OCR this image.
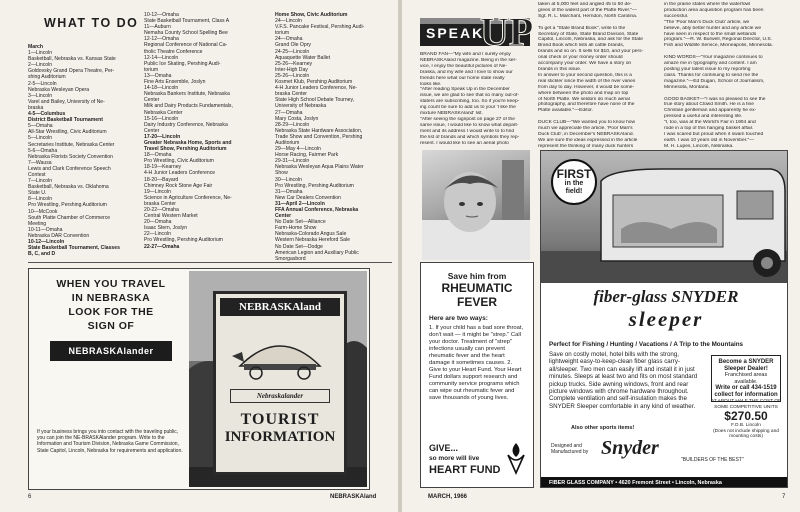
WHAT TO DO
March
1—Lincoln
Basketball, Nebraska vs. Kansas State
2—Lincoln
Goldovsky Grand Opera Theatre, Per-
shing Auditorium
2-5—Lincoln
Nebraska Wesleyan Opera
3—Lincoln
Varel and Bailey, University of Ne-
braska
4-5—Columbus
District Basketball Tournament
5—Omaha
All-Star Wrestling, Civic Auditorium
5—Lincoln
Secretaries Institute, Nebraska Center
5-6—Omaha
Nebraska Florists Society Convention
7—Wausa
Lewis and Clark Conference Speech
Contest
7—Lincoln
Basketball, Nebraska vs. Oklahoma
State U.
8—Lincoln
Pro Wrestling, Pershing Auditorium
10—McCook
South Platte Chamber of Commerce
Meeting
10-11—Omaha
Nebraska DAR Convention
10-12—Lincoln
State Basketball Tournament, Classes
B, C, and D
10-12—Omaha
State Basketball Tournament, Class A
11—Auburn
Nemaha County School Spelling Bee
12-12—Omaha
Regional Conference of National Ca-
tholic Theatre Conference
12-14—Lincoln
Public Ice Skating, Pershing Audi-
torium
13—Omaha
Fine Arts Ensemble, Joslyn
14-18—Lincoln
Nebraska Bankers Institute, Nebraska
Center
Milk and Dairy Products Fundamentals,
Nebraska Center
15-16—Lincoln
Dairy Industry Conference, Nebraska
Center
17-20—Lincoln
Greater Nebraska Home, Sports and
Travel Show, Pershing Auditorium
18—Omaha
Pro Wrestling, Civic Auditorium
18-19—Kearney
4-H Junior Leaders Conference
18-20—Bayard
Chimney Rock Stone Age Fair
19—Lincoln
Science in Agriculture Conference, Ne-
braska Center
20-22—Omaha
Central Western Market
20—Omaha
Isaac Stern, Joslyn
22—Lincoln
Pro Wrestling, Pershing Auditorium
22-27—Omaha
Home Show, Civic Auditorium
24—Lincoln
V.F.S. Pancake Festival, Pershing Audi-
torium
24—Omaha
Grand Ole Opry
24-25—Lincoln
Aquaquette Water Ballet
25-26—Kearney
Inter-High Day
25-26—Lincoln
Kosmet Klub, Pershing Auditorium
4-H Junior Leaders Conference, Ne-
braska Center
State High School Debate Tourney,
University of Nebraska
27—Omaha
Mary Costa, Joslyn
28-29—Lincoln
Nebraska State Hardware Association,
Trade Show and Convention, Pershing
Auditorium
29—May 4—Lincoln
Horse Racing, Fairmer Park
29-31—Lincoln
Nebraska Wesleyan Aqua Plains Water
Show
30—Lincoln
Pro Wrestling, Pershing Auditorium
31—Omaha
New Car Dealers Convention
31—April 2—Lincoln
FFA Annual Conference, Nebraska
Center
No Date Set—Alliance
Farm-Home Show
Nebraska-Colorado Angus Sale
Western Nebraska Hereford Sale
No Date Set—Dodge
American Legion and Auxiliary Public
Smorgasbord
WHEN YOU TRAVEL
IN NEBRASKA
LOOK FOR THE
SIGN OF
NEBRASKAlander
If your business brings you into contact with the traveling public, you can join the NE-BRASKAlander program. Write to the Information and Tourism Division, Nebraska Game Commission, State Capitol, Lincoln, Nebraska for requirements and application.
NEBRASKAland
Nebraskalander
TOURIST
INFORMATION
6	NEBRASKAland
SPEAK
UP
BRAND FAN—"My wife and I surely enjoy
NEBRASKAland magazine. Being in the ser-
vice, I enjoy the beautiful pictures of Ne-
braska, and my wife and I love to show our
friends here what our home state really
looks like.
"After reading Speak Up in the December
issue, we are glad to see that so many out-of-
staters are subscribing, too. So if you're keep-
ing count be sure to add us to your 'I like the
mixture NEBRASKAland' list.
"After seeing the signpost on page 27 of the
same issue, I would like to know what depart-
ment and its address I would write to to find
the list of brands and which symbols they rep-
resent. I would like to see an aerial photo
taken at 5,000 feet and angled 45 to 50 de-
grees of the widest part of the Platte River."—
Sgt. R. L. Marchant, Herndon, North Carolina.

To get a "State Brand Book", write to the
Secretary of State, State Brand Division, State
Capitol, Lincoln, Nebraska, and ask for the State
Brand Book which lists all cattle brands,
brands and so on. It sells for $10, and your pers-
onal check or your money order should
accompany your order. We have a story on
brands in this issue.
In answer to your second question, this is a
real stickler since the width of the river varies
from day to day. However, it would be some-
where between the photo and map on top
of North Platte. We seldom do much aerial
photography, and therefore have none of the
Platte available."—Editor.

DUCK CLUB—"We wanted you to know how
much we appreciate the article, 'Poor Man's
Duck Club', in December's NEBRASKAland.
We are sure the ideas expressed in the article
represent the thinking of many duck hunters
in the prairie states where the waterfowl
production area acquisition program has been
successful.
"The 'Poor Man's Duck Club' article, we
believe, ably better hunter and any article we
have seen in respect to the small wetlands
program."—R. W. Burwell, Regional Director, U.S.
Fish and Wildlife Service, Minneapolis, Minnesota.

KIND WORDS—"Your magazine continues to
amaze me in typography and content. I am
posting your latest issue to my reporting
class. Thanks for continuing to send me the
magazine."—Ed Dugan, School of Journalism,
Minnesota, Montana.

GOOD BASKET—"I was so pleased to see the
true story about Clowd Smith. He is a fine
Christian gentleman and apparently he ex-
pressed a useful and interesting life.
"I, too, was at the World's Fair in 1904 and
rode in a top of this hanging basket affair.
I was scared but proud when it swam touched
earth. I was 10 years old in November."—
M. H. Lupes, Lincoln, Nebraska.
Save him from
RHEUMATIC
FEVER
Here are two ways:
1. If your child has a bad sore throat, don't wait — it might be "strep." Call your doctor. Treatment of "strep" infections usually can prevent rheumatic fever and the heart damage it sometimes causes. 2. Give to your Heart Fund. Your Heart Fund dollars support research and community service programs which can wipe out rheumatic fever and save thousands of young lives.
GIVE...
so more will live
HEART FUND
FIRST
in the
field!
fiber-glass SNYDER
sleeper
Perfect for Fishing / Hunting / Vacations / A Trip to the Mountains
Save on costly motel, hotel bills with the strong, lightweight easy-to-keep-clean fiber glass carry-all/sleeper. Two men can easily lift and install it in just minutes. Sleeps at least two and fits on most standard pickup trucks. Side awning windows, front and rear picture windows with chrome hardware throughout. Complete ventilation and self-insulation makes the SNYDER Sleeper comfortable in any kind of weather.
Also other sports items!
Become a SNYDER Sleeper Dealer!
Franchised areas available.
Write or call 434-1519 collect for information
AT ABOUT HALF THE COST OF SOME COMPETITIVE UNITS
$270.50
F.O.B. Lincoln
(Does not include shipping and mounting costs)
Designed and Manufactured by Snyder
"BUILDERS OF THE BEST"
FIBER GLASS COMPANY • 4620 Fremont Street • Lincoln, Nebraska
MARCH, 1966	7
